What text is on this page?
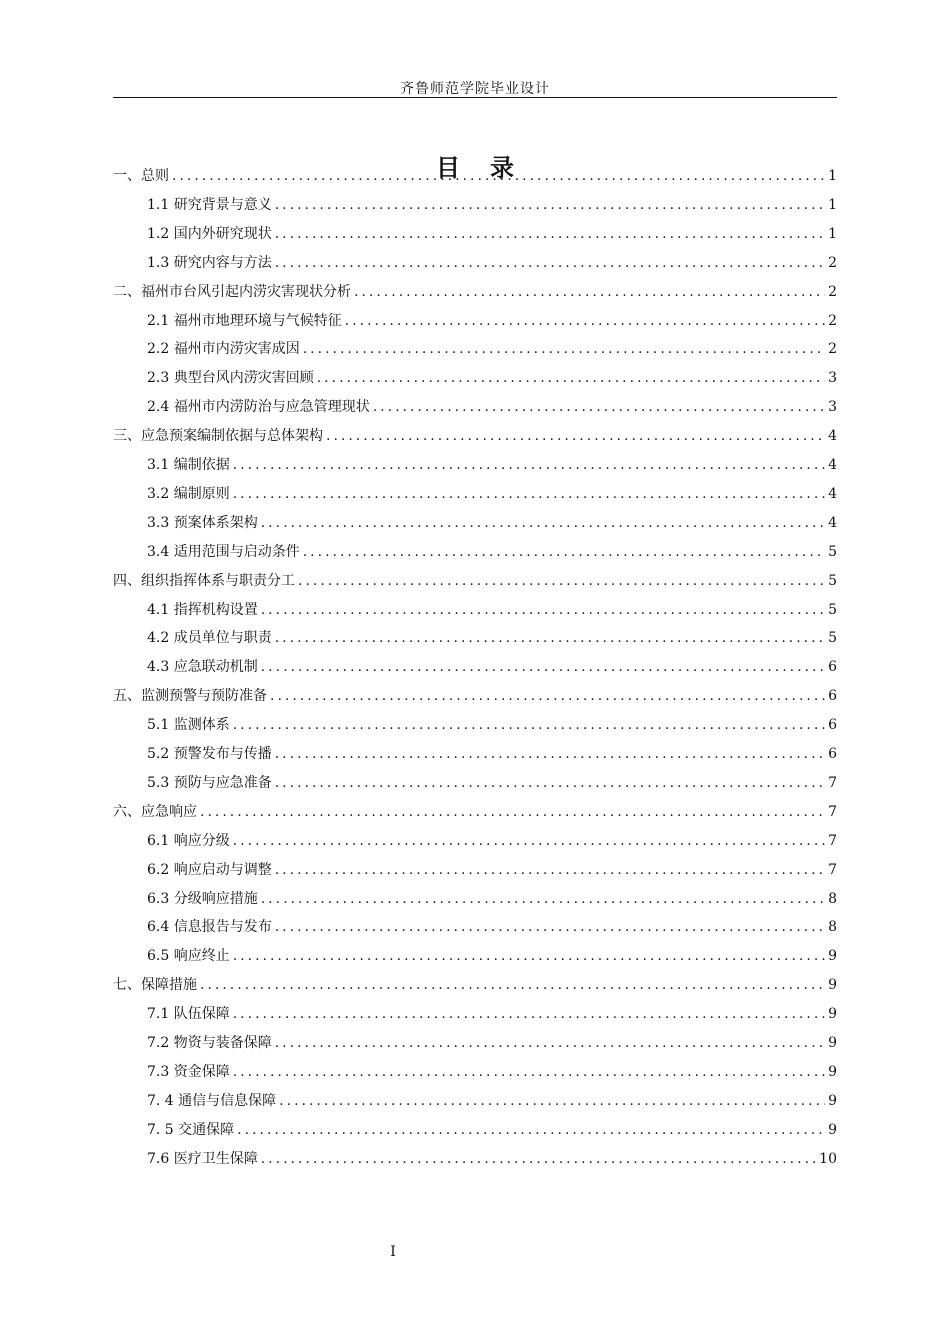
齐鲁师范学院毕业设计
目录
一、总则 .....	1
1.1 研究背景与意义 .....	1
1.2 国内外研究现状 .....	1
1.3 研究内容与方法 .....	2
二、福州市台风引起内涝灾害现状分析 .....	2
2.1 福州市地理环境与气候特征 .....	2
2.2 福州市内涝灾害成因 .....	2
2.3 典型台风内涝灾害回顾 .....	3
2.4 福州市内涝防治与应急管理现状 .....	3
三、应急预案编制依据与总体架构 .....	4
3.1 编制依据 .....	4
3.2 编制原则 .....	4
3.3 预案体系架构 .....	4
3.4 适用范围与启动条件 .....	5
四、组织指挥体系与职责分工 .....	5
4.1 指挥机构设置 .....	5
4.2 成员单位与职责 .....	5
4.3 应急联动机制 .....	6
五、监测预警与预防准备 .....	6
5.1 监测体系 .....	6
5.2 预警发布与传播 .....	6
5.3 预防与应急准备 .....	7
六、应急响应 .....	7
6.1 响应分级 .....	7
6.2 响应启动与调整 .....	7
6.3 分级响应措施 .....	8
6.4 信息报告与发布 .....	8
6.5 响应终止 .....	9
七、保障措施 .....	9
7.1 队伍保障 .....	9
7.2 物资与装备保障 .....	9
7.3 资金保障 .....	9
7. 4 通信与信息保障 .....	9
7. 5 交通保障 .....	9
7.6 医疗卫生保障 .....	10
I
